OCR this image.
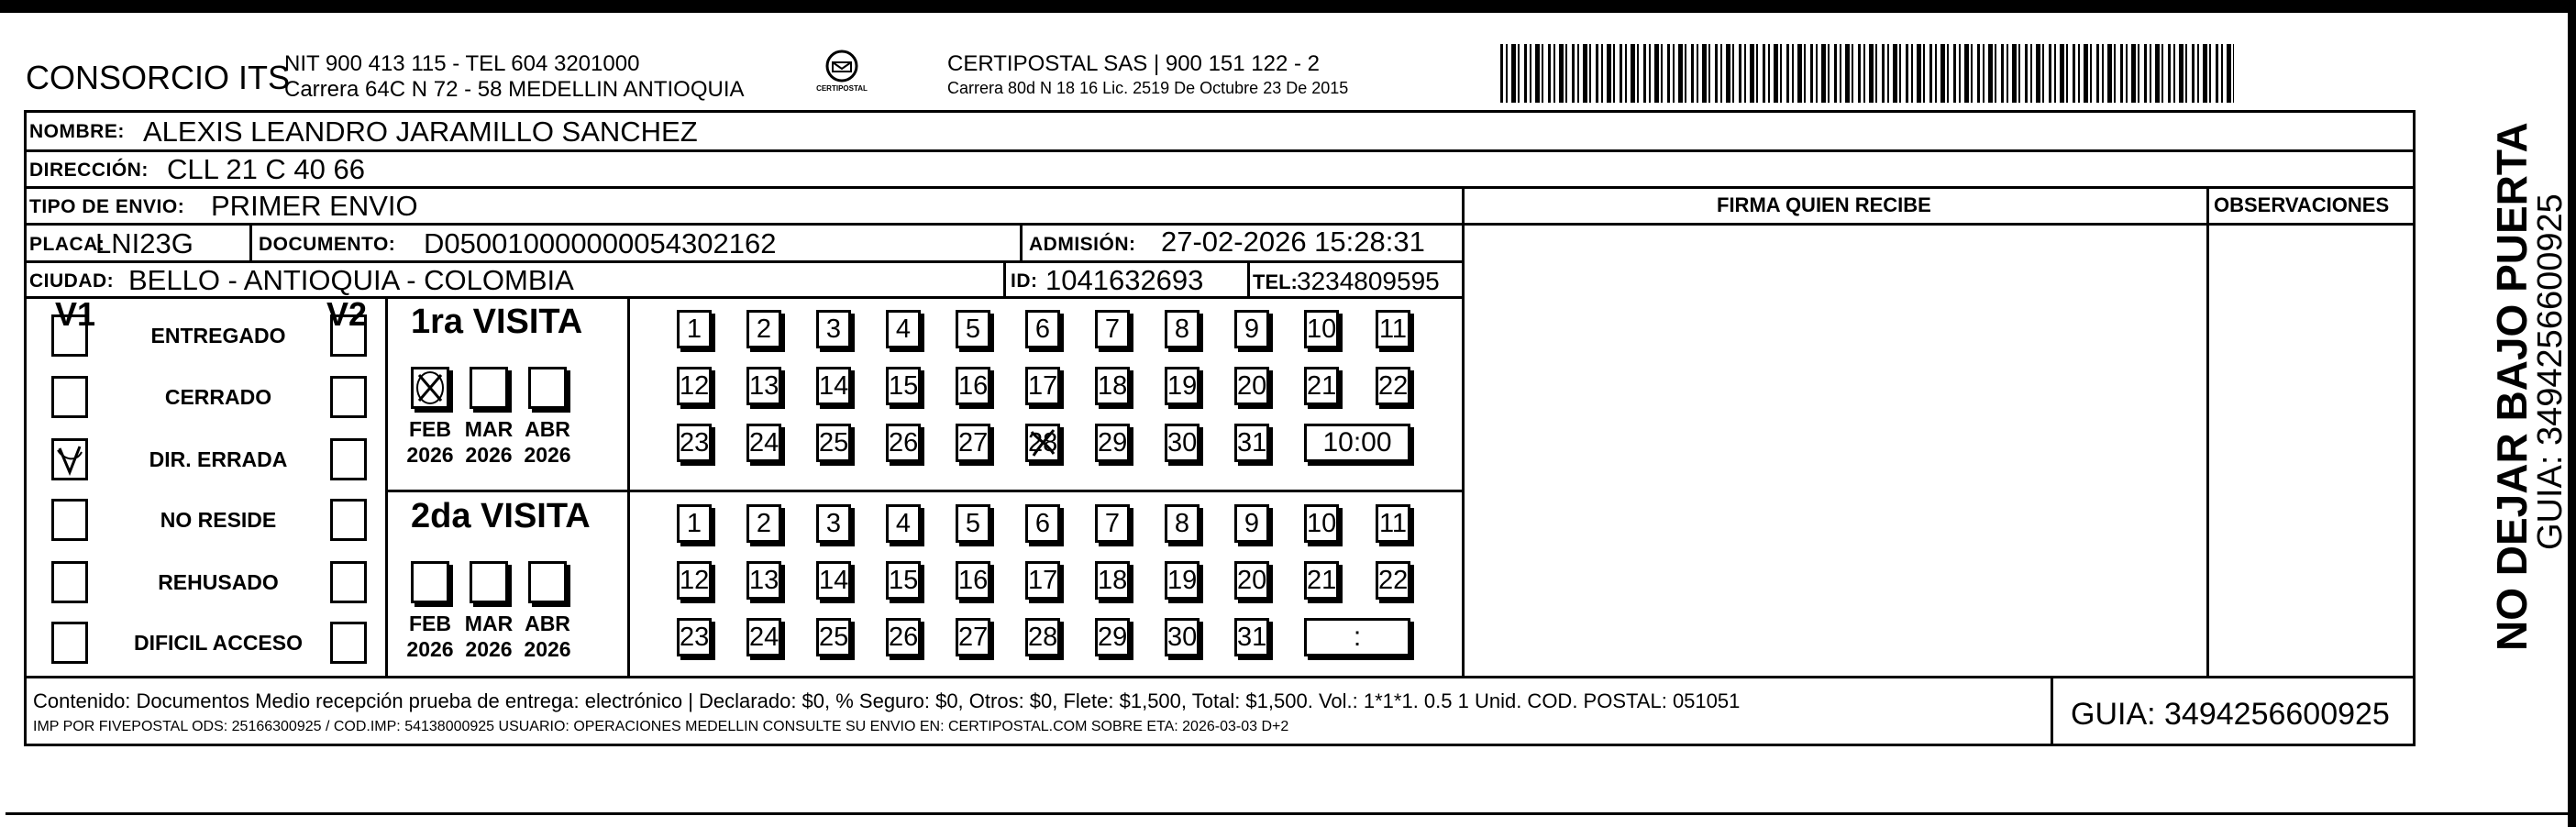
CONSORCIO ITS
NIT 900 413 115 - TEL 604 3201000
Carrera 64C N 72 - 58 MEDELLIN ANTIOQUIA	CERTIPOSTAL
CERTIPOSTAL SAS | 900 151 122 - 2
Carrera 80d N 18 16 Lic. 2519 De Octubre 23 De 2015
NOMBRE: ALEXIS LEANDRO JARAMILLO SANCHEZ
DIRECCIÓN: CLL 21 C 40 66
TIPO DE ENVIO: PRIMER ENVIO	FIRMA QUIEN RECIBE	OBSERVACIONES
PLACA:
LNI23G	DOCUMENTO: D050010000000054302162	ADMISIÓN: 27-02-2026 15:28:31
CIUDAD: BELLO - ANTIOQUIA - COLOMBIA	ID: 1041632693 TEL: 3234809595
V1	V2
ENTREGADO
CERRADO
DIR. ERRADA
NO RESIDE
REHUSADO
DIFICIL ACCESO
1ra VISITA
2da VISITA
FEB
2026
MAR
2026
ABR
2026
1	2	3	4	5	6	7	8	9	10 11
12 13 14 15 16 17 18 19 20 21 22
23 24 25 26 27 28 29 30 31	10:00
FEB
2026
MAR
2026
ABR
2026
1	2	3	4	5	6	7	8	9	10 11
12 13 14 15 16 17 18 19 20 21 22
23 24 25 26 27 28 29 30 31	:
Contenido: Documentos Medio recepción prueba de entrega: electrónico | Declarado: $0, % Seguro: $0, Otros: $0, Flete: $1,500, Total: $1,500. Vol.: 1*1*1. 0.5 1 Unid. COD. POSTAL: 051051
IMP POR FIVEPOSTAL ODS: 25166300925 / COD.IMP: 54138000925 USUARIO: OPERACIONES MEDELLIN CONSULTE SU ENVIO EN: CERTIPOSTAL.COM SOBRE ETA: 2026-03-03 D+2	GUIA: 3494256600925
NO DEJAR BAJO PUERTA
GUIA: 3494256600925
